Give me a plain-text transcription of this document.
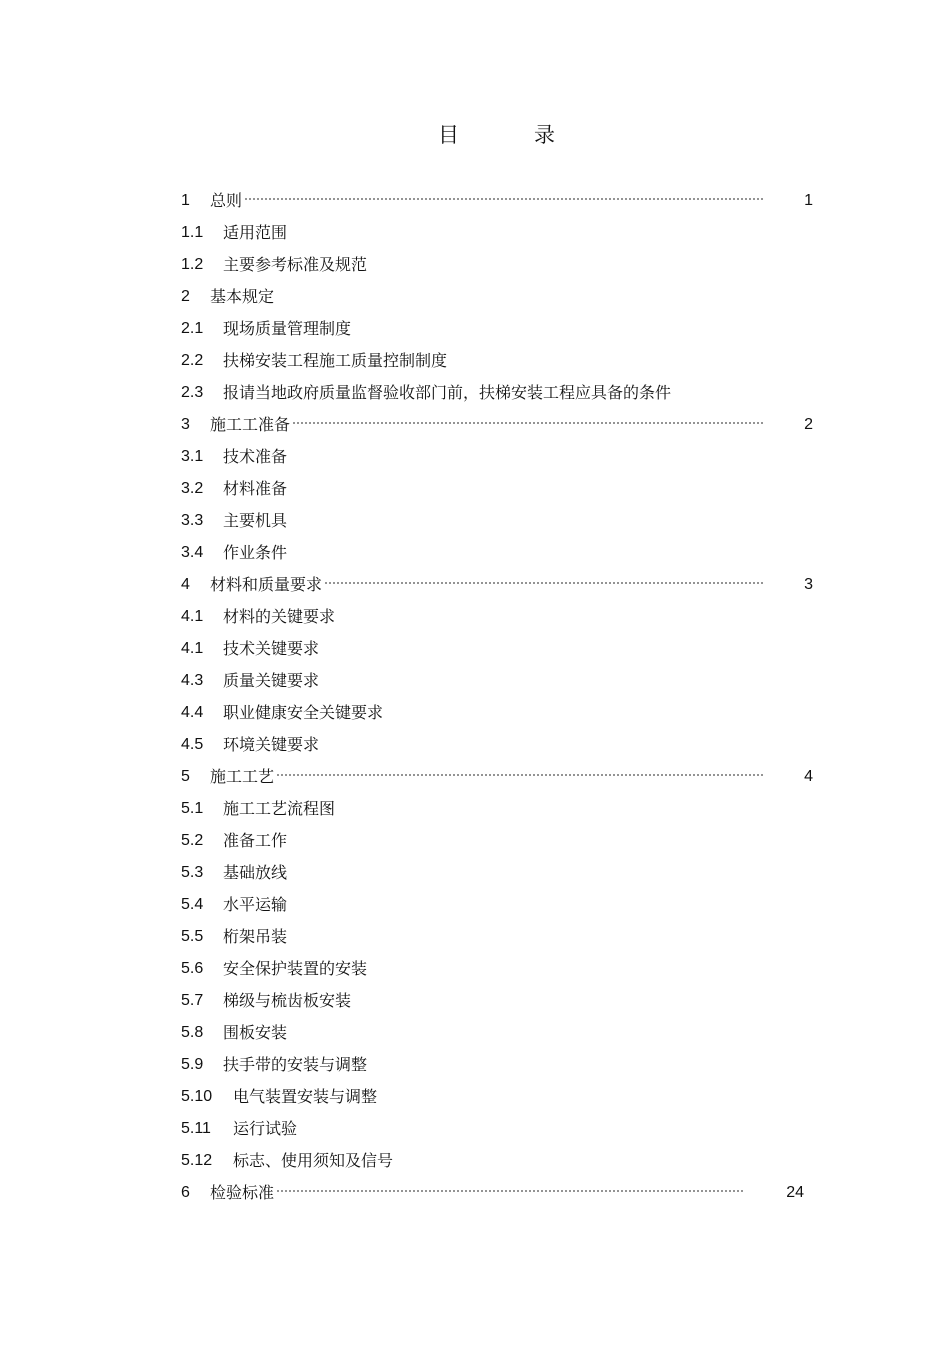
目	录
1 总则	1
1.1 适用范围
1.2 主要参考标准及规范
2 基本规定
2.1 现场质量管理制度
2.2 扶梯安装工程施工质量控制制度
2.3 报请当地政府质量监督验收部门前，扶梯安装工程应具备的条件
3 施工工准备	2
3.1 技术准备
3.2 材料准备
3.3 主要机具
3.4 作业条件
4 材料和质量要求	3
4.1 材料的关键要求
4.1 技术关键要求
4.3 质量关键要求
4.4 职业健康安全关键要求
4.5 环境关键要求
5 施工工艺	4
5.1 施工工艺流程图
5.2 准备工作
5.3 基础放线
5.4 水平运输
5.5 桁架吊装
5.6 安全保护装置的安装
5.7 梯级与梳齿板安装
5.8 围板安装
5.9 扶手带的安装与调整
5.10 电气装置安装与调整
5.11 运行试验
5.12 标志、使用须知及信号
6 检验标准	24
